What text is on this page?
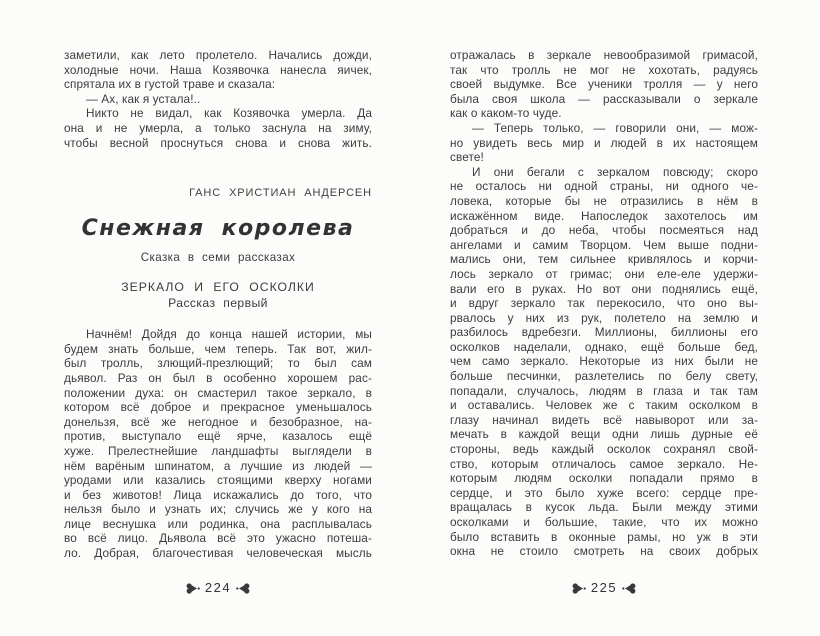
заметили, как лето пролетело. Начались дожди,
холодные ночи. Наша Козявочка нанесла яичек,
спрятала их в густой траве и сказала:
— Ах, как я устала!..
Никто не видал, как Козявочка умерла. Да
она и не умерла, а только заснула на зиму,
чтобы весной проснуться снова и снова жить.
ГАНС ХРИСТИАН АНДЕРСЕН
Снежная королева
Сказка в семи рассказах
ЗЕРКАЛО И ЕГО ОСКОЛКИ
Рассказ первый
Начнём! Дойдя до конца нашей истории, мы
будем знать больше, чем теперь. Так вот, жил-
был тролль, злющий-презлющий; то был сам
дьявол. Раз он был в особенно хорошем рас-
положении духа: он смастерил такое зеркало, в
котором всё доброе и прекрасное уменьшалось
донельзя, всё же негодное и безобразное, на-
против, выступало ещё ярче, казалось ещё
хуже. Прелестнейшие ландшафты выглядели в
нём варёным шпинатом, а лучшие из людей —
уродами или казались стоящими кверху ногами
и без животов! Лица искажались до того, что
нельзя было и узнать их; случись же у кого на
лице веснушка или родинка, она расплывалась
во всё лицо. Дьявола всё это ужасно потеша-
ло. Добрая, благочестивая человеческая мысль
224
отражалась в зеркале невообразимой гримасой,
так что тролль не мог не хохотать, радуясь
своей выдумке. Все ученики тролля — у него
была своя школа — рассказывали о зеркале
как о каком-то чуде.
— Теперь только, — говорили они, — мож-
но увидеть весь мир и людей в их настоящем
свете!
И они бегали с зеркалом повсюду; скоро
не осталось ни одной страны, ни одного че-
ловека, которые бы не отразились в нём в
искажённом виде. Напоследок захотелось им
добраться и до неба, чтобы посмеяться над
ангелами и самим Творцом. Чем выше подни-
мались они, тем сильнее кривлялось и корчи-
лось зеркало от гримас; они еле-еле удержи-
вали его в руках. Но вот они поднялись ещё,
и вдруг зеркало так перекосило, что оно вы-
рвалось у них из рук, полетело на землю и
разбилось вдребезги. Миллионы, биллионы его
осколков наделали, однако, ещё больше бед,
чем само зеркало. Некоторые из них были не
больше песчинки, разлетелись по белу свету,
попадали, случалось, людям в глаза и так там
и оставались. Человек же с таким осколком в
глазу начинал видеть всё навыворот или за-
мечать в каждой вещи одни лишь дурные её
стороны, ведь каждый осколок сохранял свой-
ство, которым отличалось самое зеркало. Не-
которым людям осколки попадали прямо в
сердце, и это было хуже всего: сердце пре-
вращалась в кусок льда. Были между этими
осколками и большие, такие, что их можно
было вставить в оконные рамы, но уж в эти
окна не стоило смотреть на своих добрых
225
